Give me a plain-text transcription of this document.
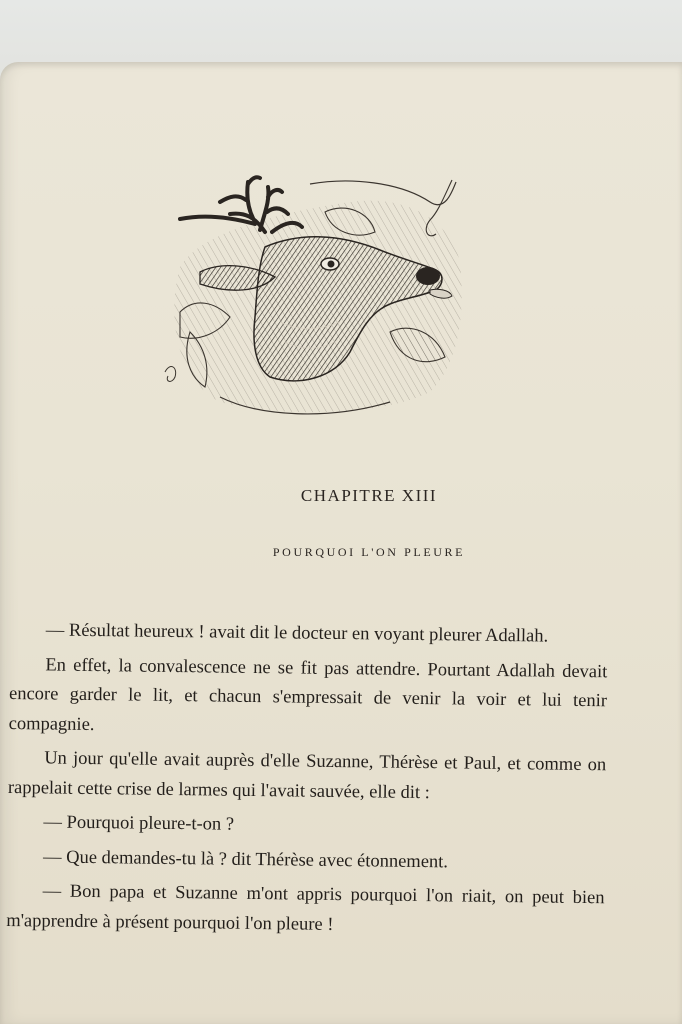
CHAPITRE XIII
POURQUOI L'ON PLEURE

— Résultat heureux ! avait dit le docteur en voyant pleurer Adallah.

En effet, la convalescence ne se fit pas attendre. Pourtant Adallah devait encore garder le lit, et chacun s'empressait de venir la voir et lui tenir compagnie.

Un jour qu'elle avait auprès d'elle Suzanne, Thérèse et Paul, et comme on rappelait cette crise de larmes qui l'avait sauvée, elle dit :

— Pourquoi pleure-t-on ?

— Que demandes-tu là ? dit Thérèse avec étonnement.

— Bon papa et Suzanne m'ont appris pourquoi l'on riait, on peut bien m'apprendre à présent pourquoi l'on pleure !
